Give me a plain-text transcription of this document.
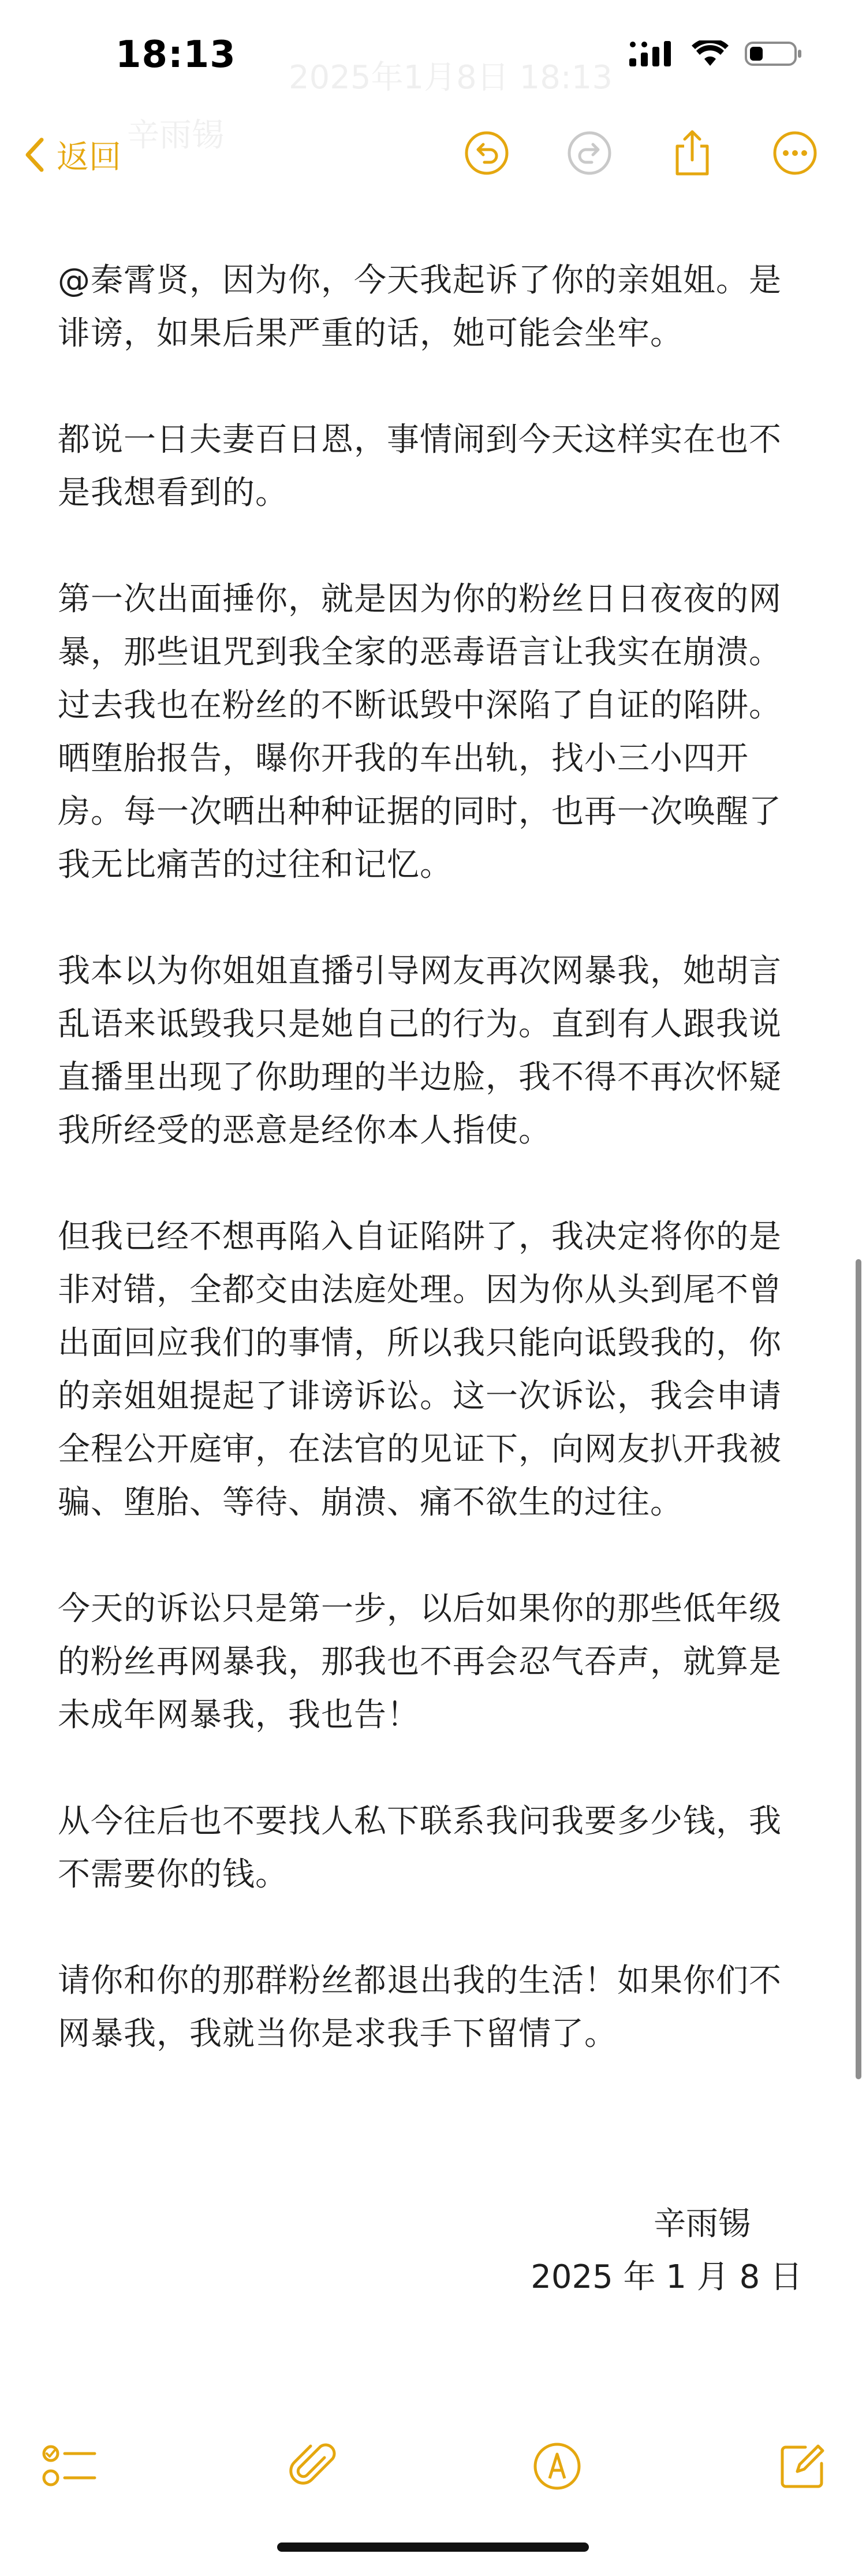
2025年1月8日 18:13
18:13
辛雨锡
返回

@秦霄贤，因为你，今天我起诉了你的亲姐姐。是
诽谤，如果后果严重的话，她可能会坐牢。

都说一日夫妻百日恩，事情闹到今天这样实在也不
是我想看到的。

第一次出面捶你，就是因为你的粉丝日日夜夜的网
暴，那些诅咒到我全家的恶毒语言让我实在崩溃。
过去我也在粉丝的不断诋毁中深陷了自证的陷阱。
晒堕胎报告，曝你开我的车出轨，找小三小四开
房。每一次晒出种种证据的同时，也再一次唤醒了
我无比痛苦的过往和记忆。

我本以为你姐姐直播引导网友再次网暴我，她胡言
乱语来诋毁我只是她自己的行为。直到有人跟我说
直播里出现了你助理的半边脸，我不得不再次怀疑
我所经受的恶意是经你本人指使。

但我已经不想再陷入自证陷阱了，我决定将你的是
非对错，全都交由法庭处理。因为你从头到尾不曾
出面回应我们的事情，所以我只能向诋毁我的，你
的亲姐姐提起了诽谤诉讼。这一次诉讼，我会申请
全程公开庭审，在法官的见证下，向网友扒开我被
骗、堕胎、等待、崩溃、痛不欲生的过往。

今天的诉讼只是第一步，以后如果你的那些低年级
的粉丝再网暴我，那我也不再会忍气吞声，就算是
未成年网暴我，我也告！

从今往后也不要找人私下联系我问我要多少钱，我
不需要你的钱。

请你和你的那群粉丝都退出我的生活！如果你们不
网暴我，我就当你是求我手下留情了。

辛雨锡
2025 年 1 月 8 日
